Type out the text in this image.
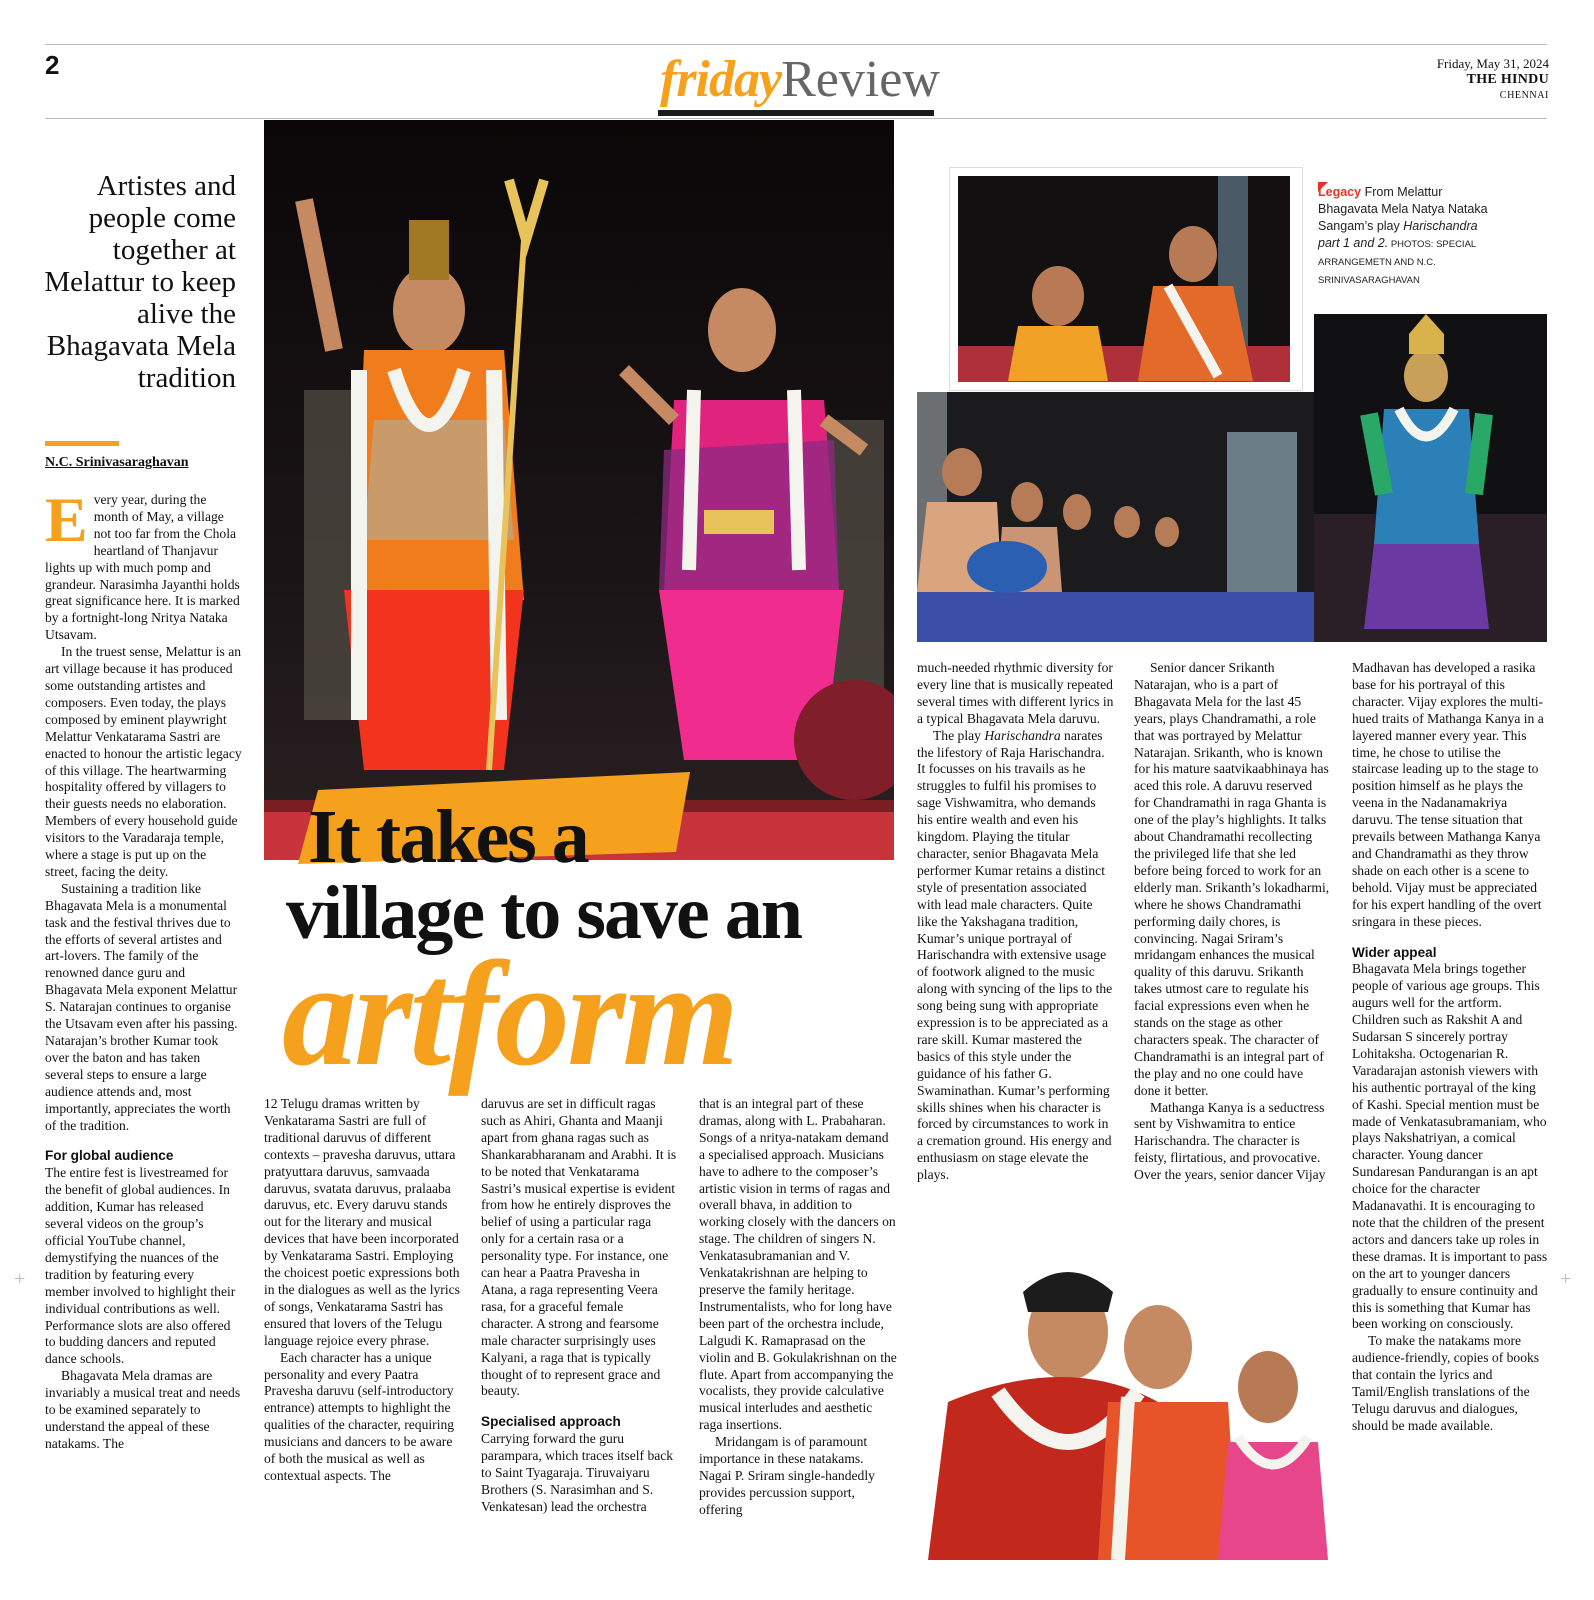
2	fridayReview	Friday, May 31, 2024
THE HINDU
CHENNAI
Artistes and people come together at Melattur to keep alive the Bhagavata Mela tradition
N.C. Srinivasaraghavan
It takes a
village to save an
artform
Legacy From Melattur Bhagavata Mela Natya Nataka Sangam’s play Harischandra part 1 and 2. PHOTOS: SPECIAL ARRANGEMETN AND N.C. SRINIVASARAGHAVAN

Every year, during the month of May, a village not too far from the Chola heartland of Thanjavur lights up with much pomp and grandeur. Narasimha Jayanthi holds great significance here. It is marked by a fortnight-long Nritya Nataka Utsavam.

In the truest sense, Melattur is an art village because it has produced some outstanding artistes and composers. Even today, the plays composed by eminent playwright Melattur Venkatarama Sastri are enacted to honour the artistic legacy of this village. The heartwarming hospitality offered by villagers to their guests needs no elaboration. Members of every household guide visitors to the Varadaraja temple, where a stage is put up on the street, facing the deity.

Sustaining a tradition like Bhagavata Mela is a monumental task and the festival thrives due to the efforts of several artistes and art-lovers. The family of the renowned dance guru and Bhagavata Mela exponent Melattur S. Natarajan continues to organise the Utsavam even after his passing. Natarajan’s brother Kumar took over the baton and has taken several steps to ensure a large audience attends and, most importantly, appreciates the worth of the tradition.

For global audience

The entire fest is livestreamed for the benefit of global audiences. In addition, Kumar has released several videos on the group’s official YouTube channel, demystifying the nuances of the tradition by featuring every member involved to highlight their individual contributions as well. Performance slots are also offered to budding dancers and reputed dance schools.

Bhagavata Mela dramas are invariably a musical treat and needs to be examined separately to understand the appeal of these natakams. The

12 Telugu dramas written by Venkatarama Sastri are full of traditional daruvus of different contexts – pravesha daruvus, uttara pratyuttara daruvus, samvaada daruvus, svatata daruvus, pralaaba daruvus, etc. Every daruvu stands out for the literary and musical devices that have been incorporated by Venkatarama Sastri. Employing the choicest poetic expressions both in the dialogues as well as the lyrics of songs, Venkatarama Sastri has ensured that lovers of the Telugu language rejoice every phrase.

Each character has a unique personality and every Paatra Pravesha daruvu (self-introductory entrance) attempts to highlight the qualities of the character, requiring musicians and dancers to be aware of both the musical as well as contextual aspects. The

daruvus are set in difficult ragas such as Ahiri, Ghanta and Maanji apart from ghana ragas such as Shankarabharanam and Arabhi. It is to be noted that Venkatarama Sastri’s musical expertise is evident from how he entirely disproves the belief of using a particular raga only for a certain rasa or a personality type. For instance, one can hear a Paatra Pravesha in Atana, a raga representing Veera rasa, for a graceful female character. A strong and fearsome male character surprisingly uses Kalyani, a raga that is typically thought of to represent grace and beauty.

Specialised approach

Carrying forward the guru parampara, which traces itself back to Saint Tyagaraja. Tiruvaiyaru Brothers (S. Narasimhan and S. Venkatesan) lead the orchestra

that is an integral part of these dramas, along with L. Prabaharan. Songs of a nritya-natakam demand a specialised approach. Musicians have to adhere to the composer’s artistic vision in terms of ragas and overall bhava, in addition to working closely with the dancers on stage. The children of singers N. Venkatasubramanian and V. Venkatakrishnan are helping to preserve the family heritage. Instrumentalists, who for long have been part of the orchestra include, Lalgudi K. Ramaprasad on the violin and B. Gokulakrishnan on the flute. Apart from accompanying the vocalists, they provide calculative musical interludes and aesthetic raga insertions.

Mridangam is of paramount importance in these natakams. Nagai P. Sriram single-handedly provides percussion support, offering

much-needed rhythmic diversity for every line that is musically repeated several times with different lyrics in a typical Bhagavata Mela daruvu.

The play Harischandra narates the lifestory of Raja Harischandra. It focusses on his travails as he struggles to fulfil his promises to sage Vishwamitra, who demands his entire wealth and even his kingdom. Playing the titular character, senior Bhagavata Mela performer Kumar retains a distinct style of presentation associated with lead male characters. Quite like the Yakshagana tradition, Kumar’s unique portrayal of Harischandra with extensive usage of footwork aligned to the music along with syncing of the lips to the song being sung with appropriate expression is to be appreciated as a rare skill. Kumar mastered the basics of this style under the guidance of his father G. Swaminathan. Kumar’s performing skills shines when his character is forced by circumstances to work in a cremation ground. His energy and enthusiasm on stage elevate the plays.

Senior dancer Srikanth Natarajan, who is a part of Bhagavata Mela for the last 45 years, plays Chandramathi, a role that was portrayed by Melattur Natarajan. Srikanth, who is known for his mature saatvikaabhinaya has aced this role. A daruvu reserved for Chandramathi in raga Ghanta is one of the play’s highlights. It talks about Chandramathi recollecting the privileged life that she led before being forced to work for an elderly man. Srikanth’s lokadharmi, where he shows Chandramathi performing daily chores, is convincing. Nagai Sriram’s mridangam enhances the musical quality of this daruvu. Srikanth takes utmost care to regulate his facial expressions even when he stands on the stage as other characters speak. The character of Chandramathi is an integral part of the play and no one could have done it better.

Mathanga Kanya is a seductress sent by Vishwamitra to entice Harischandra. The character is feisty, flirtatious, and provocative. Over the years, senior dancer Vijay

Madhavan has developed a rasika base for his portrayal of this character. Vijay explores the multi-hued traits of Mathanga Kanya in a layered manner every year. This time, he chose to utilise the staircase leading up to the stage to position himself as he plays the veena in the Nadanamakriya daruvu. The tense situation that prevails between Mathanga Kanya and Chandramathi as they throw shade on each other is a scene to behold. Vijay must be appreciated for his expert handling of the overt sringara in these pieces.

Wider appeal

Bhagavata Mela brings together people of various age groups. This augurs well for the artform. Children such as Rakshit A and Sudarsan S sincerely portray Lohitaksha. Octogenarian R. Varadarajan astonish viewers with his authentic portrayal of the king of Kashi. Special mention must be made of Venkatasubramaniam, who plays Nakshatriyan, a comical character. Young dancer Sundaresan Pandurangan is an apt choice for the character Madanavathi. It is encouraging to note that the children of the present actors and dancers take up roles in these dramas. It is important to pass on the art to younger dancers gradually to ensure continuity and this is something that Kumar has been working on consciously.

To make the natakams more audience-friendly, copies of books that contain the lyrics and Tamil/English translations of the Telugu daruvus and dialogues, should be made available.

+	+
